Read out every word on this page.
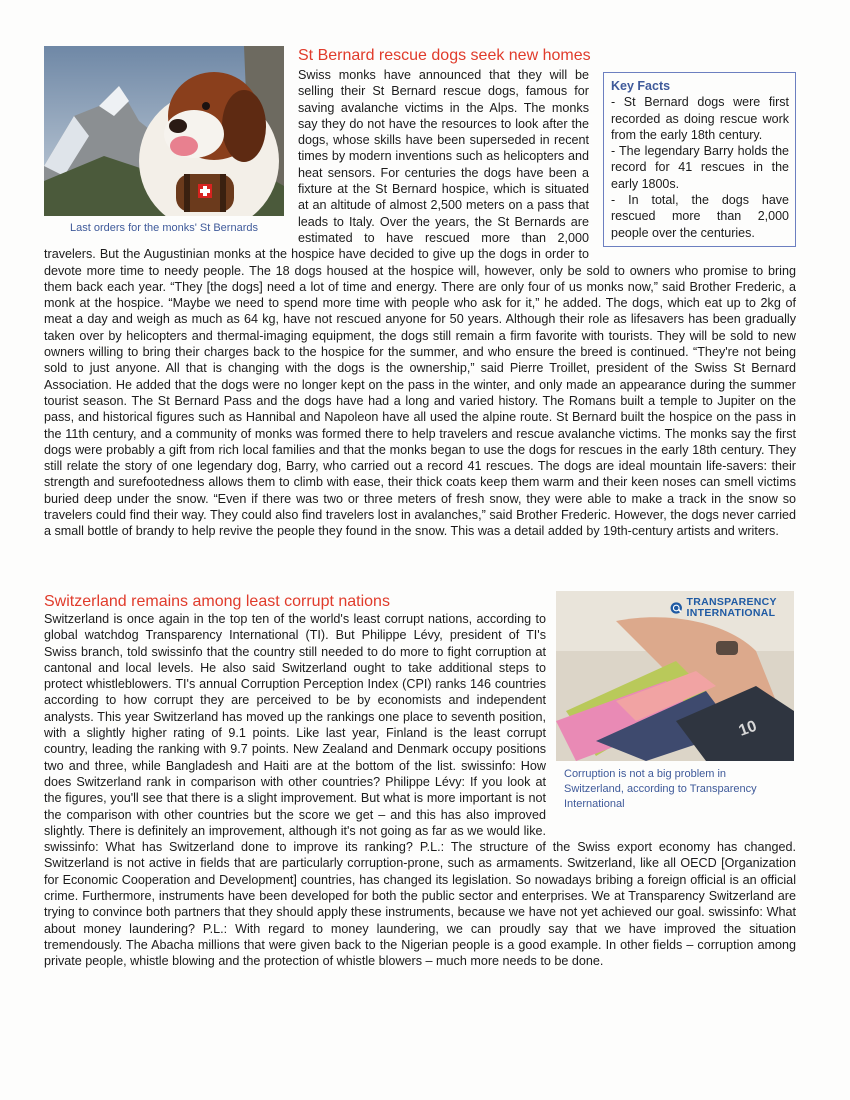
Last orders for the monks' St Bernards
St Bernard rescue dogs seek new homes
Key Facts

- St Bernard dogs were first recorded as doing rescue work from the early 18th century.

- The legendary Barry holds the record for 41 rescues in the early 1800s.

- In total, the dogs have rescued more than 2,000 people over the centuries.

Swiss monks have announced that they will be selling their St Bernard rescue dogs, famous for saving avalanche victims in the Alps. The monks say they do not have the resources to look after the dogs, whose skills have been superseded in recent times by modern inventions such as helicopters and heat sensors. For centuries the dogs have been a fixture at the St Bernard hospice, which is situated at an altitude of almost 2,500 meters on a pass that leads to Italy. Over the years, the St Bernards are estimated to have rescued more than 2,000 travelers. But the Augustinian monks at the hospice have decided to give up the dogs in order to devote more time to needy people. The 18 dogs housed at the hospice will, however, only be sold to owners who promise to bring them back each year. “They [the dogs] need a lot of time and energy. There are only four of us monks now,” said Brother Frederic, a monk at the hospice. “Maybe we need to spend more time with people who ask for it,” he added. The dogs, which eat up to 2kg of meat a day and weigh as much as 64 kg, have not rescued anyone for 50 years. Although their role as lifesavers has been gradually taken over by helicopters and thermal-imaging equipment, the dogs still remain a firm favorite with tourists. They will be sold to new owners willing to bring their charges back to the hospice for the summer, and who ensure the breed is continued. “They're not being sold to just anyone. All that is changing with the dogs is the ownership,” said Pierre Troillet, president of the Swiss St Bernard Association. He added that the dogs were no longer kept on the pass in the winter, and only made an appearance during the summer tourist season. The St Bernard Pass and the dogs have had a long and varied history. The Romans built a temple to Jupiter on the pass, and historical figures such as Hannibal and Napoleon have all used the alpine route. St Bernard built the hospice on the pass in the 11th century, and a community of monks was formed there to help travelers and rescue avalanche victims. The monks say the first dogs were probably a gift from rich local families and that the monks began to use the dogs for rescues in the early 18th century. They still relate the story of one legendary dog, Barry, who carried out a record 41 rescues. The dogs are ideal mountain life-savers: their strength and surefootedness allows them to climb with ease, their thick coats keep them warm and their keen noses can smell victims buried deep under the snow. “Even if there was two or three meters of fresh snow, they were able to make a track in the snow so travelers could find their way. They could also find travelers lost in avalanches,” said Brother Frederic. However, the dogs never carried a small bottle of brandy to help revive the people they found in the snow. This was a detail added by 19th-century artists and writers.

Switzerland remains among least corrupt nations
10
TRANSPARENCY INTERNATIONAL
Corruption is not a big problem in Switzerland, according to Transparency International

Switzerland is once again in the top ten of the world's least corrupt nations, according to global watchdog Transparency International (TI). But Philippe Lévy, president of TI's Swiss branch, told swissinfo that the country still needed to do more to fight corruption at cantonal and local levels. He also said Switzerland ought to take additional steps to protect whistleblowers. TI's annual Corruption Perception Index (CPI) ranks 146 countries according to how corrupt they are perceived to be by economists and independent analysts. This year Switzerland has moved up the rankings one place to seventh position, with a slightly higher rating of 9.1 points. Like last year, Finland is the least corrupt country, leading the ranking with 9.7 points. New Zealand and Denmark occupy positions two and three, while Bangladesh and Haiti are at the bottom of the list. swissinfo: How does Switzerland rank in comparison with other countries? Philippe Lévy: If you look at the figures, you'll see that there is a slight improvement. But what is more important is not the comparison with other countries but the score we get – and this has also improved slightly. There is definitely an improvement, although it's not going as far as we would like. swissinfo: What has Switzerland done to improve its ranking? P.L.: The structure of the Swiss export economy has changed. Switzerland is not active in fields that are particularly corruption-prone, such as armaments. Switzerland, like all OECD [Organization for Economic Cooperation and Development] countries, has changed its legislation. So nowadays bribing a foreign official is an official crime. Furthermore, instruments have been developed for both the public sector and enterprises. We at Transparency Switzerland are trying to convince both partners that they should apply these instruments, because we have not yet achieved our goal. swissinfo: What about money laundering? P.L.: With regard to money laundering, we can proudly say that we have improved the situation tremendously. The Abacha millions that were given back to the Nigerian people is a good example. In other fields – corruption among private people, whistle blowing and the protection of whistle blowers – much more needs to be done.
